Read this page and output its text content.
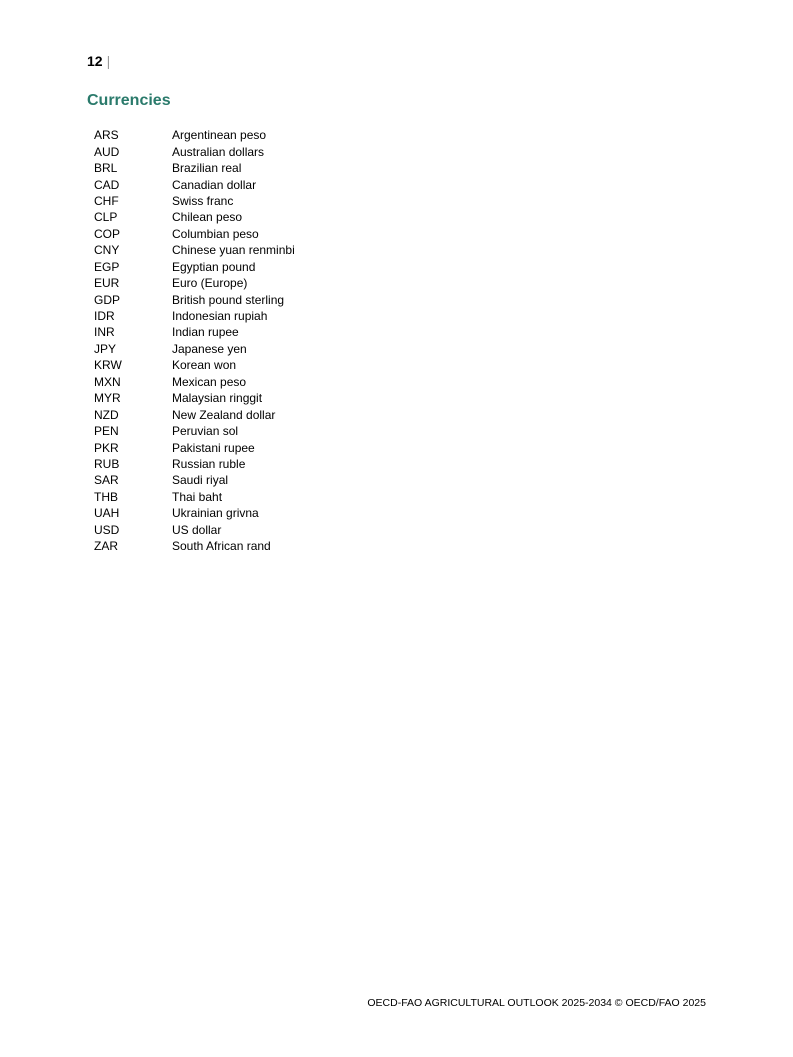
12 |
Currencies
ARS	Argentinean peso
AUD	Australian dollars
BRL	Brazilian real
CAD	Canadian dollar
CHF	Swiss franc
CLP	Chilean peso
COP	Columbian peso
CNY	Chinese yuan renminbi
EGP	Egyptian pound
EUR	Euro (Europe)
GDP	British pound sterling
IDR	Indonesian rupiah
INR	Indian rupee
JPY	Japanese yen
KRW	Korean won
MXN	Mexican peso
MYR	Malaysian ringgit
NZD	New Zealand dollar
PEN	Peruvian sol
PKR	Pakistani rupee
RUB	Russian ruble
SAR	Saudi riyal
THB	Thai baht
UAH	Ukrainian grivna
USD	US dollar
ZAR	South African rand
OECD-FAO AGRICULTURAL OUTLOOK 2025-2034 © OECD/FAO 2025
